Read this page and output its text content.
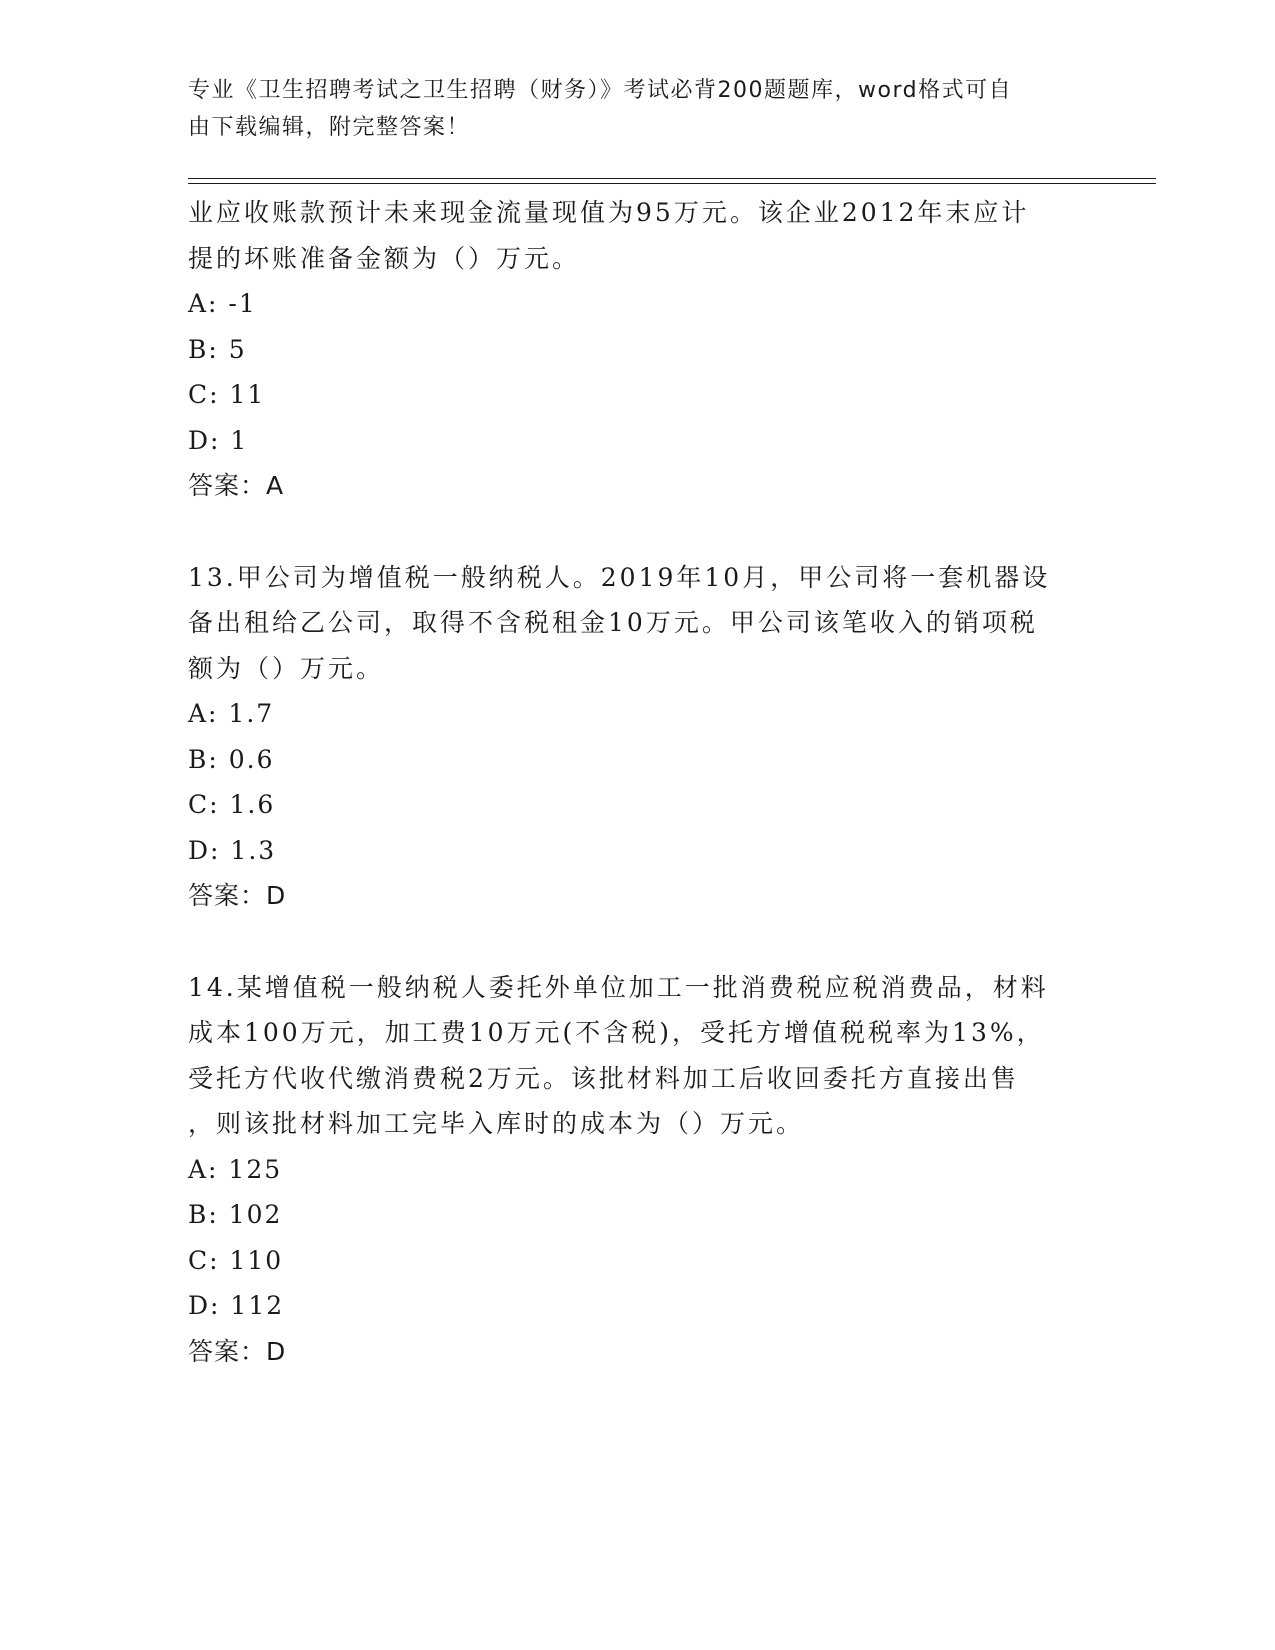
专业《卫生招聘考试之卫生招聘（财务）》考试必背200题题库，word格式可自
由下载编辑，附完整答案！
业应收账款预计未来现金流量现值为95万元。该企业2012年末应计
提的坏账准备金额为（）万元。
A: -1
B: 5
C: 11
D: 1
答案：A
13.甲公司为增值税一般纳税人。2019年10月，甲公司将一套机器设
备出租给乙公司，取得不含税租金10万元。甲公司该笔收入的销项税
额为（）万元。
A: 1.7
B: 0.6
C: 1.6
D: 1.3
答案：D
14.某增值税一般纳税人委托外单位加工一批消费税应税消费品，材料
成本100万元，加工费10万元(不含税)，受托方增值税税率为13%，
受托方代收代缴消费税2万元。该批材料加工后收回委托方直接出售
，则该批材料加工完毕入库时的成本为（）万元。
A: 125
B: 102
C: 110
D: 112
答案：D
